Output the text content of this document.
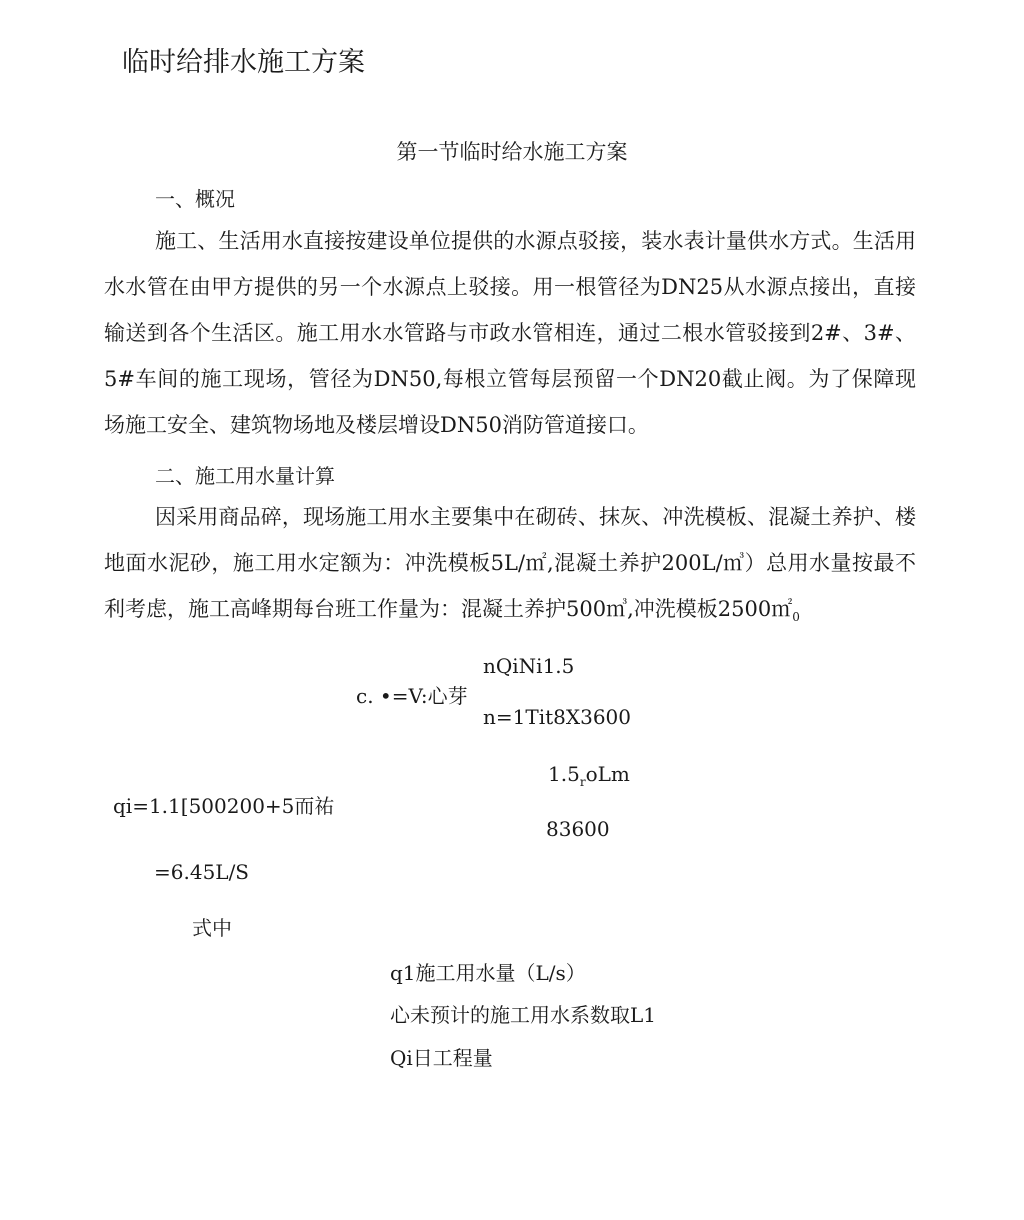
临时给排水施工方案
第一节临时给水施工方案
一、概况
施工、生活用水直接按建设单位提供的水源点驳接，装水表计量供水方式。生活用水水管在由甲方提供的另一个水源点上驳接。用一根管径为DN25从水源点接出，直接输送到各个生活区。施工用水水管路与市政水管相连，通过二根水管驳接到2#、3#、5#车间的施工现场，管径为DN50,每根立管每层预留一个DN20截止阀。为了保障现场施工安全、建筑物场地及楼层增设DN50消防管道接口。
二、施工用水量计算
因采用商品碎，现场施工用水主要集中在砌砖、抹灰、冲洗模板、混凝土养护、楼地面水泥砂，施工用水定额为：冲洗模板5L/㎡,混凝土养护200L/㎥）总用水量按最不利考虑，施工高峰期每台班工作量为：混凝土养护500㎥,冲洗模板$2500㎡_0$
nQiNi1.5
c. •=V:心芽
n=1Tit8X3600
$1.5_roLm$
qi=1.1[500200+5而祐
83600
=6.45L/S
式中
q1施工用水量（L/s）
心未预计的施工用水系数取L1
Qi日工程量
